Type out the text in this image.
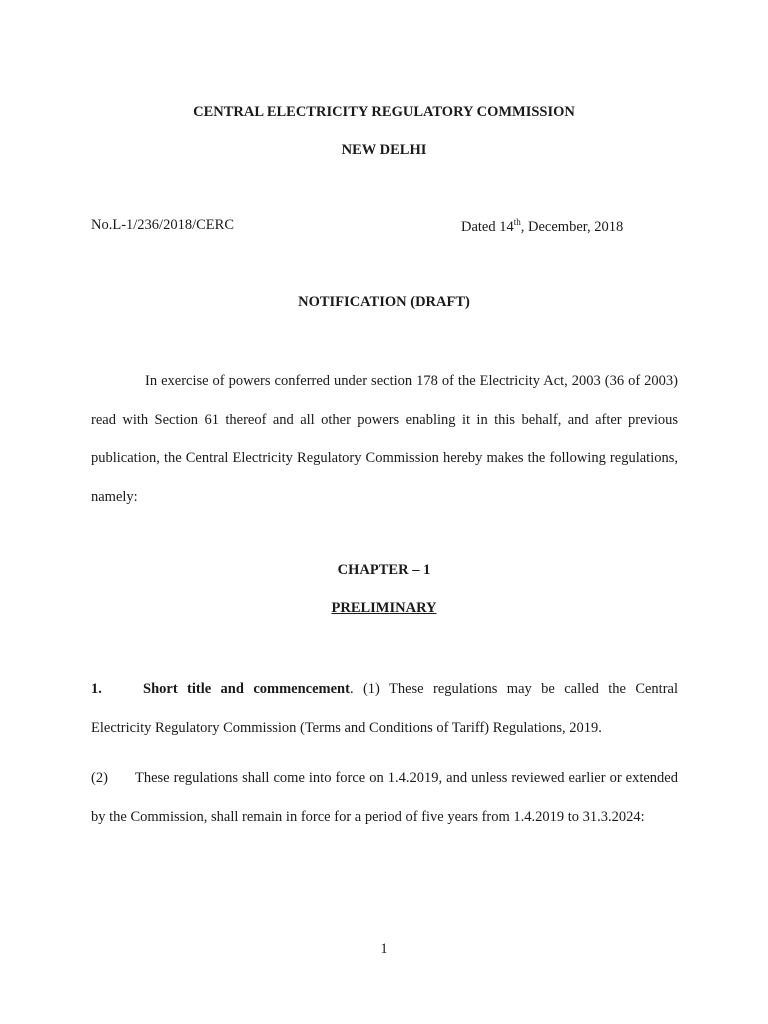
CENTRAL ELECTRICITY REGULATORY COMMISSION
NEW DELHI
No.L-1/236/2018/CERC	Dated 14th, December, 2018
NOTIFICATION (DRAFT)
In exercise of powers conferred under section 178 of the Electricity Act, 2003 (36 of 2003) read with Section 61 thereof and all other powers enabling it in this behalf, and after previous publication, the Central Electricity Regulatory Commission hereby makes the following regulations, namely:
CHAPTER – 1
PRELIMINARY
1.	Short title and commencement. (1) These regulations may be called the Central Electricity Regulatory Commission (Terms and Conditions of Tariff) Regulations, 2019.
(2) These regulations shall come into force on 1.4.2019, and unless reviewed earlier or extended by the Commission, shall remain in force for a period of five years from 1.4.2019 to 31.3.2024:
1
